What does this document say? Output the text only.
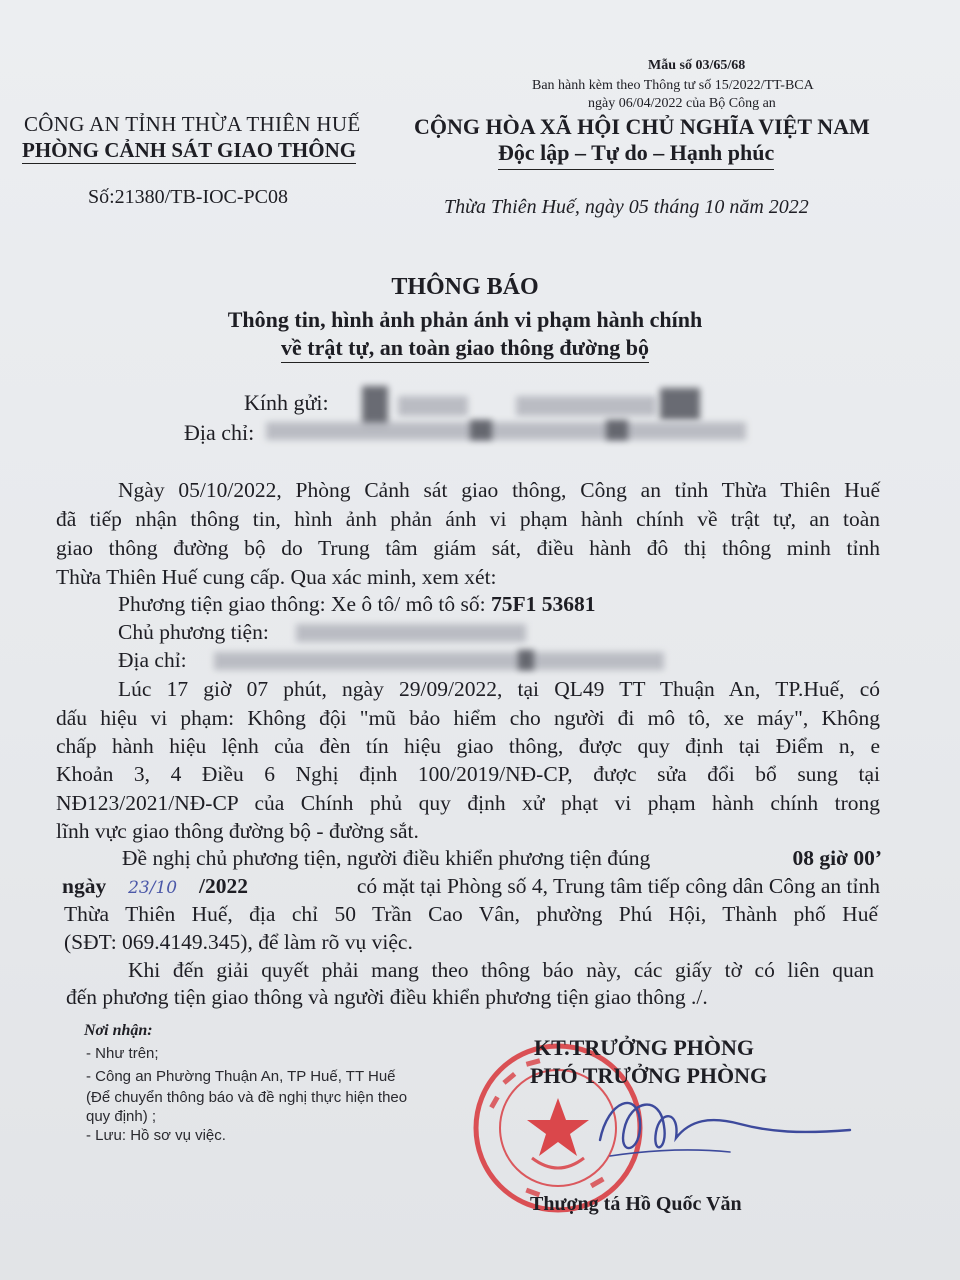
Mẫu số 03/65/68
Ban hành kèm theo Thông tư số 15/2022/TT-BCA
ngày 06/04/2022 của Bộ Công an
CÔNG AN TỈNH THỪA THIÊN HUẾ
PHÒNG CẢNH SÁT GIAO THÔNG
CỘNG HÒA XÃ HỘI CHỦ NGHĨA VIỆT NAM
Độc lập – Tự do – Hạnh phúc
Số:21380/TB-IOC-PC08	Thừa Thiên Huế, ngày 05 tháng 10 năm 2022
THÔNG BÁO
Thông tin, hình ảnh phản ánh vi phạm hành chính
về trật tự, an toàn giao thông đường bộ
Kính gửi:
Địa chỉ:
Ngày 05/10/2022, Phòng Cảnh sát giao thông, Công an tỉnh Thừa Thiên Huế
đã tiếp nhận thông tin, hình ảnh phản ánh vi phạm hành chính về trật tự, an toàn
giao thông đường bộ do Trung tâm giám sát, điều hành đô thị thông minh tỉnh
Thừa Thiên Huế cung cấp. Qua xác minh, xem xét:
Phương tiện giao thông: Xe ô tô/ mô tô số: 75F1 53681
Chủ phương tiện:
Địa chỉ:
Lúc 17 giờ 07 phút, ngày 29/09/2022, tại QL49 TT Thuận An, TP.Huế, có
dấu hiệu vi phạm: Không đội "mũ bảo hiểm cho người đi mô tô, xe máy", Không
chấp hành hiệu lệnh của đèn tín hiệu giao thông, được quy định tại Điểm n, e
Khoản 3, 4 Điều 6 Nghị định 100/2019/NĐ-CP, được sửa đổi bổ sung tại
NĐ123/2021/NĐ-CP của Chính phủ quy định xử phạt vi phạm hành chính trong
lĩnh vực giao thông đường bộ - đường sắt.
Đề nghị chủ phương tiện, người điều khiển phương tiện đúng	08 giờ 00’
ngày 23/10 /2022	có mặt tại Phòng số 4, Trung tâm tiếp công dân Công an tỉnh
Thừa Thiên Huế, địa chỉ 50 Trần Cao Vân, phường Phú Hội, Thành phố Huế
(SĐT: 069.4149.345), để làm rõ vụ việc.
Khi đến giải quyết phải mang theo thông báo này, các giấy tờ có liên quan
đến phương tiện giao thông và người điều khiển phương tiện giao thông ./.
Nơi nhận:
- Như trên;
- Công an Phường Thuận An, TP Huế, TT Huế
(Để chuyển thông báo và đề nghị thực hiện theo
quy định) ;
- Lưu: Hồ sơ vụ việc.
KT.TRƯỞNG PHÒNG
PHÓ TRƯỞNG PHÒNG
Thượng tá Hồ Quốc Văn
